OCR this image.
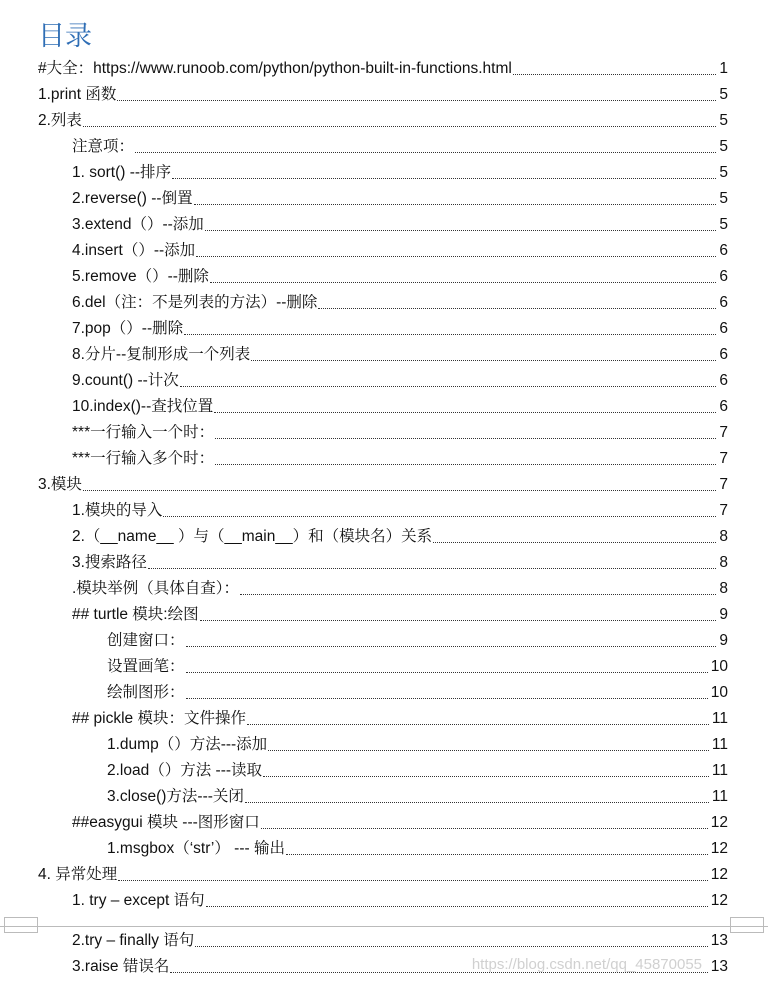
目录
#大全：https://www.runoob.com/python/python-built-in-functions.html	1
1.print 函数	5
2.列表	5
注意项：	5
1. sort() --排序	5
2.reverse() --倒置	5
3.extend（）--添加	5
4.insert（）--添加	6
5.remove（）--删除	6
6.del（注：不是列表的方法）--删除	6
7.pop（）--删除	6
8.分片--复制形成一个列表	6
9.count() --计次	6
10.index()--查找位置	6
***一行输入一个时：	7
***一行输入多个时：	7
3.模块	7
1.模块的导入	7
2.（__name__ ）与（__main__）和（模块名）关系	8
3.搜索路径	8
.模块举例（具体自查）：	8
## turtle 模块:绘图	9
创建窗口：	9
设置画笔：	10
绘制图形：	10
## pickle 模块：文件操作	11
1.dump（）方法---添加	11
2.load（）方法 ---读取	11
3.close()方法---关闭	11
##easygui 模块 ---图形窗口	12
1.msgbox（‘str’） --- 输出	12
4. 异常处理	12
1. try – except 语句	12
2.try – finally 语句	13
3.raise 错误名	13
https://blog.csdn.net/qq_45870055
